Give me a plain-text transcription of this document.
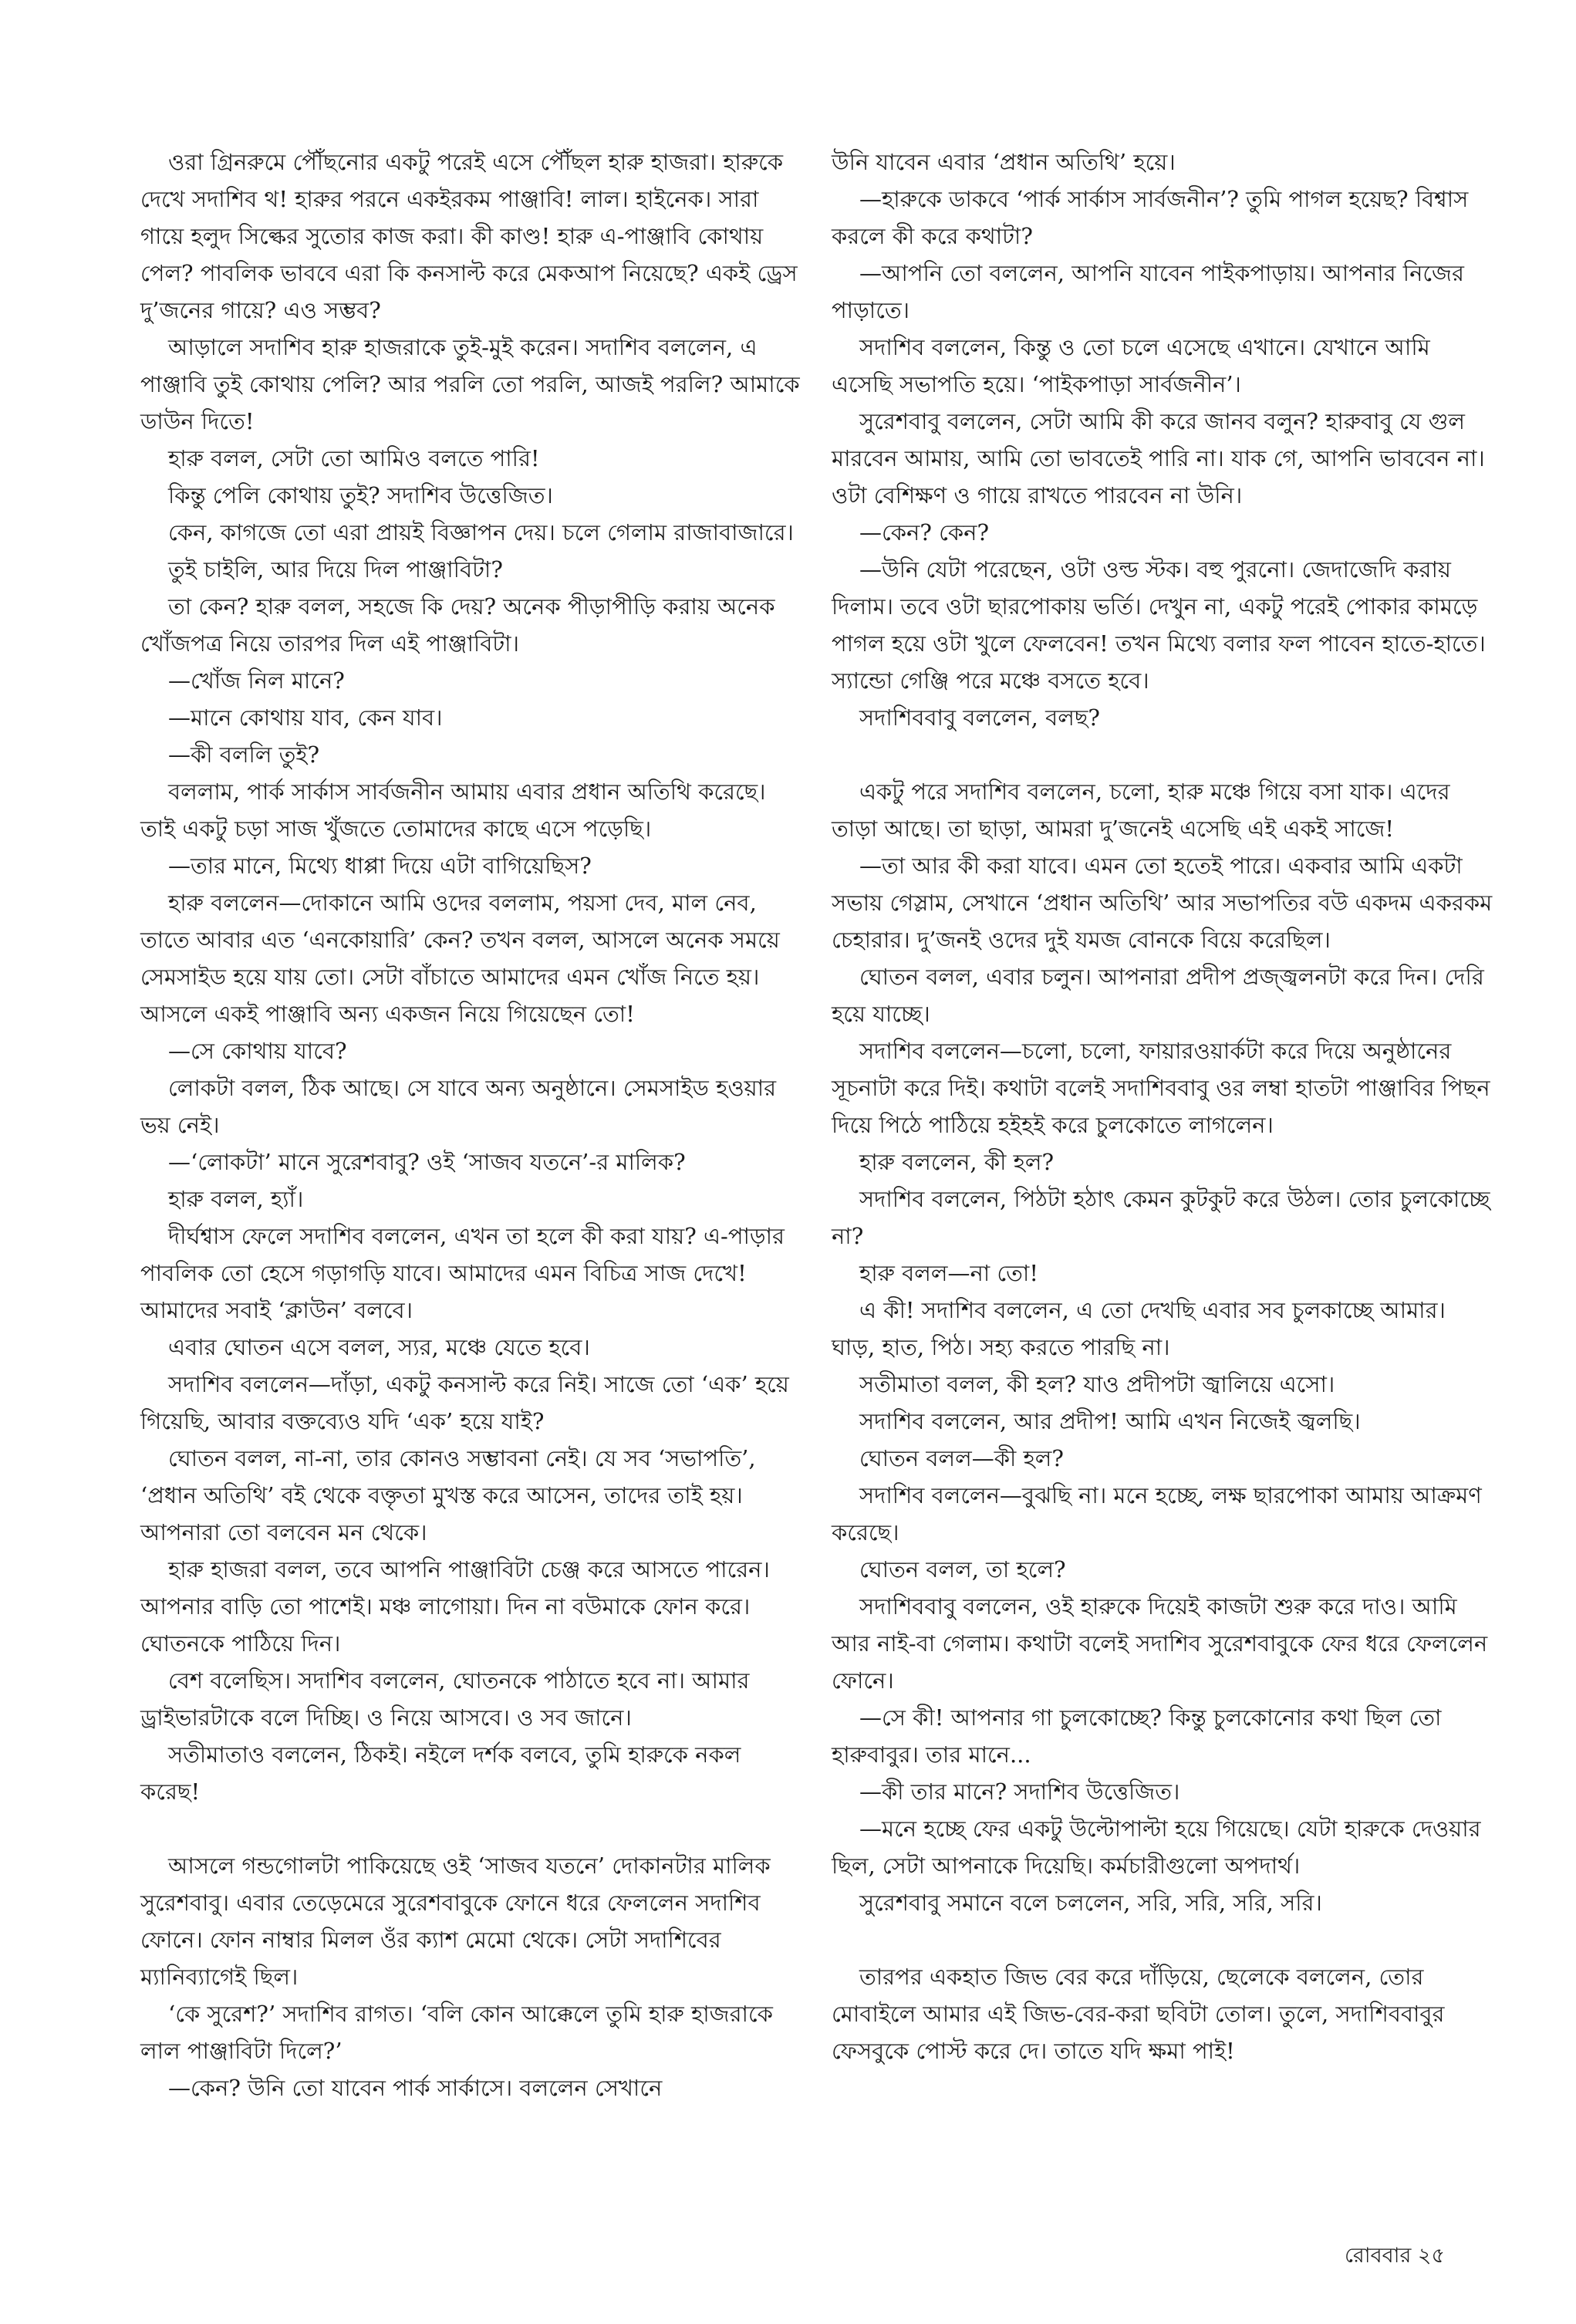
ওরা গ্রিনরুমে পৌঁছনোর একটু পরেই এসে পৌঁছল হারু হাজরা। হারুকে দেখে সদাশিব থ! হারুর পরনে একইরকম পাঞ্জাবি! লাল। হাইনেক। সারা গায়ে হলুদ সিল্কের সুতোর কাজ করা। কী কাণ্ড! হারু এ-পাঞ্জাবি কোথায় পেল? পাবলিক ভাববে এরা কি কনসাল্ট করে মেকআপ নিয়েছে? একই ড্রেস দু’জনের গায়ে? এও সম্ভব?

আড়ালে সদাশিব হারু হাজরাকে তুই-মুই করেন। সদাশিব বললেন, এ পাঞ্জাবি তুই কোথায় পেলি? আর পরলি তো পরলি, আজই পরলি? আমাকে ডাউন দিতে!

হারু বলল, সেটা তো আমিও বলতে পারি!

কিন্তু পেলি কোথায় তুই? সদাশিব উত্তেজিত।

কেন, কাগজে তো এরা প্রায়ই বিজ্ঞাপন দেয়। চলে গেলাম রাজাবাজারে।

তুই চাইলি, আর দিয়ে দিল পাঞ্জাবিটা?

তা কেন? হারু বলল, সহজে কি দেয়? অনেক পীড়াপীড়ি করায় অনেক খোঁজপত্র নিয়ে তারপর দিল এই পাঞ্জাবিটা।

—খোঁজ নিল মানে?

—মানে কোথায় যাব, কেন যাব।

—কী বললি তুই?

বললাম, পার্ক সার্কাস সার্বজনীন আমায় এবার প্রধান অতিথি করেছে। তাই একটু চড়া সাজ খুঁজতে তোমাদের কাছে এসে পড়েছি।

—তার মানে, মিথ্যে ধাপ্পা দিয়ে এটা বাগিয়েছিস?

হারু বললেন—দোকানে আমি ওদের বললাম, পয়সা দেব, মাল নেব, তাতে আবার এত ‘এনকোয়ারি’ কেন? তখন বলল, আসলে অনেক সময়ে সেমসাইড হয়ে যায় তো। সেটা বাঁচাতে আমাদের এমন খোঁজ নিতে হয়। আসলে একই পাঞ্জাবি অন্য একজন নিয়ে গিয়েছেন তো!

—সে কোথায় যাবে?

লোকটা বলল, ঠিক আছে। সে যাবে অন্য অনুষ্ঠানে। সেমসাইড হওয়ার ভয় নেই।

—‘লোকটা’ মানে সুরেশবাবু? ওই ‘সাজব যতনে’-র মালিক?

হারু বলল, হ্যাঁ।

দীর্ঘশ্বাস ফেলে সদাশিব বললেন, এখন তা হলে কী করা যায়? এ-পাড়ার পাবলিক তো হেসে গড়াগড়ি যাবে। আমাদের এমন বিচিত্র সাজ দেখে! আমাদের সবাই ‘ক্লাউন’ বলবে।

এবার ঘোতন এসে বলল, স্যর, মঞ্চে যেতে হবে।

সদাশিব বললেন—দাঁড়া, একটু কনসাল্ট করে নিই। সাজে তো ‘এক’ হয়ে গিয়েছি, আবার বক্তব্যেও যদি ‘এক’ হয়ে যাই?

ঘোতন বলল, না-না, তার কোনও সম্ভাবনা নেই। যে সব ‘সভাপতি’, ‘প্রধান অতিথি’ বই থেকে বক্তৃতা মুখস্ত করে আসেন, তাদের তাই হয়। আপনারা তো বলবেন মন থেকে।

হারু হাজরা বলল, তবে আপনি পাঞ্জাবিটা চেঞ্জ করে আসতে পারেন। আপনার বাড়ি তো পাশেই। মঞ্চ লাগোয়া। দিন না বউমাকে ফোন করে। ঘোতনকে পাঠিয়ে দিন।

বেশ বলেছিস। সদাশিব বললেন, ঘোতনকে পাঠাতে হবে না। আমার ড্রাইভারটাকে বলে দিচ্ছি। ও নিয়ে আসবে। ও সব জানে।

সতীমাতাও বললেন, ঠিকই। নইলে দর্শক বলবে, তুমি হারুকে নকল করেছ!

আসলে গন্ডগোলটা পাকিয়েছে ওই ‘সাজব যতনে’ দোকানটার মালিক সুরেশবাবু। এবার তেড়েমেরে সুরেশবাবুকে ফোনে ধরে ফেললেন সদাশিব ফোনে। ফোন নাম্বার মিলল ওঁর ক্যাশ মেমো থেকে। সেটা সদাশিবের ম্যানিব্যাগেই ছিল।

‘কে সুরেশ?’ সদাশিব রাগত। ‘বলি কোন আক্কেলে তুমি হারু হাজরাকে লাল পাঞ্জাবিটা দিলে?’

—কেন? উনি তো যাবেন পার্ক সার্কাসে। বললেন সেখানে

উনি যাবেন এবার ‘প্রধান অতিথি’ হয়ে।

—হারুকে ডাকবে ‘পার্ক সার্কাস সার্বজনীন’? তুমি পাগল হয়েছ? বিশ্বাস করলে কী করে কথাটা?

—আপনি তো বললেন, আপনি যাবেন পাইকপাড়ায়। আপনার নিজের পাড়াতে।

সদাশিব বললেন, কিন্তু ও তো চলে এসেছে এখানে। যেখানে আমি এসেছি সভাপতি হয়ে। ‘পাইকপাড়া সার্বজনীন’।

সুরেশবাবু বললেন, সেটা আমি কী করে জানব বলুন? হারুবাবু যে গুল মারবেন আমায়, আমি তো ভাবতেই পারি না। যাক গে, আপনি ভাববেন না। ওটা বেশিক্ষণ ও গায়ে রাখতে পারবেন না উনি।

—কেন? কেন?

—উনি যেটা পরেছেন, ওটা ওল্ড স্টক। বহু পুরনো। জেদাজেদি করায় দিলাম। তবে ওটা ছারপোকায় ভর্তি। দেখুন না, একটু পরেই পোকার কামড়ে পাগল হয়ে ওটা খুলে ফেলবেন! তখন মিথ্যে বলার ফল পাবেন হাতে-হাতে। স্যান্ডো গেঞ্জি পরে মঞ্চে বসতে হবে।

সদাশিববাবু বললেন, বলছ?

একটু পরে সদাশিব বললেন, চলো, হারু মঞ্চে গিয়ে বসা যাক। এদের তাড়া আছে। তা ছাড়া, আমরা দু’জনেই এসেছি এই একই সাজে!

—তা আর কী করা যাবে। এমন তো হতেই পারে। একবার আমি একটা সভায় গেস্লাম, সেখানে ‘প্রধান অতিথি’ আর সভাপতির বউ একদম একরকম চেহারার। দু’জনই ওদের দুই যমজ বোনকে বিয়ে করেছিল।

ঘোতন বলল, এবার চলুন। আপনারা প্রদীপ প্রজ্জ্বলনটা করে দিন। দেরি হয়ে যাচ্ছে।

সদাশিব বললেন—চলো, চলো, ফায়ারওয়ার্কটা করে দিয়ে অনুষ্ঠানের সূচনাটা করে দিই। কথাটা বলেই সদাশিববাবু ওর লম্বা হাতটা পাঞ্জাবির পিছন দিয়ে পিঠে পাঠিয়ে হইহই করে চুলকোতে লাগলেন।

হারু বললেন, কী হল?

সদাশিব বললেন, পিঠটা হঠাৎ কেমন কুটকুট করে উঠল। তোর চুলকোচ্ছে না?

হারু বলল—না তো!

এ কী! সদাশিব বললেন, এ তো দেখছি এবার সব চুলকাচ্ছে আমার। ঘাড়, হাত, পিঠ। সহ্য করতে পারছি না।

সতীমাতা বলল, কী হল? যাও প্রদীপটা জ্বালিয়ে এসো।

সদাশিব বললেন, আর প্রদীপ! আমি এখন নিজেই জ্বলছি।

ঘোতন বলল—কী হল?

সদাশিব বললেন—বুঝছি না। মনে হচ্ছে, লক্ষ ছারপোকা আমায় আক্রমণ করেছে।

ঘোতন বলল, তা হলে?

সদাশিববাবু বললেন, ওই হারুকে দিয়েই কাজটা শুরু করে দাও। আমি আর নাই-বা গেলাম। কথাটা বলেই সদাশিব সুরেশবাবুকে ফের ধরে ফেললেন ফোনে।

—সে কী! আপনার গা চুলকোচ্ছে? কিন্তু চুলকোনোর কথা ছিল তো হারুবাবুর। তার মানে...

—কী তার মানে? সদাশিব উত্তেজিত।

—মনে হচ্ছে ফের একটু উল্টোপাল্টা হয়ে গিয়েছে। যেটা হারুকে দেওয়ার ছিল, সেটা আপনাকে দিয়েছি। কর্মচারীগুলো অপদার্থ।

সুরেশবাবু সমানে বলে চললেন, সরি, সরি, সরি, সরি।

তারপর একহাত জিভ বের করে দাঁড়িয়ে, ছেলেকে বললেন, তোর মোবাইলে আমার এই জিভ-বের-করা ছবিটা তোল। তুলে, সদাশিববাবুর ফেসবুকে পোস্ট করে দে। তাতে যদি ক্ষমা পাই!

রোববার ২৫
